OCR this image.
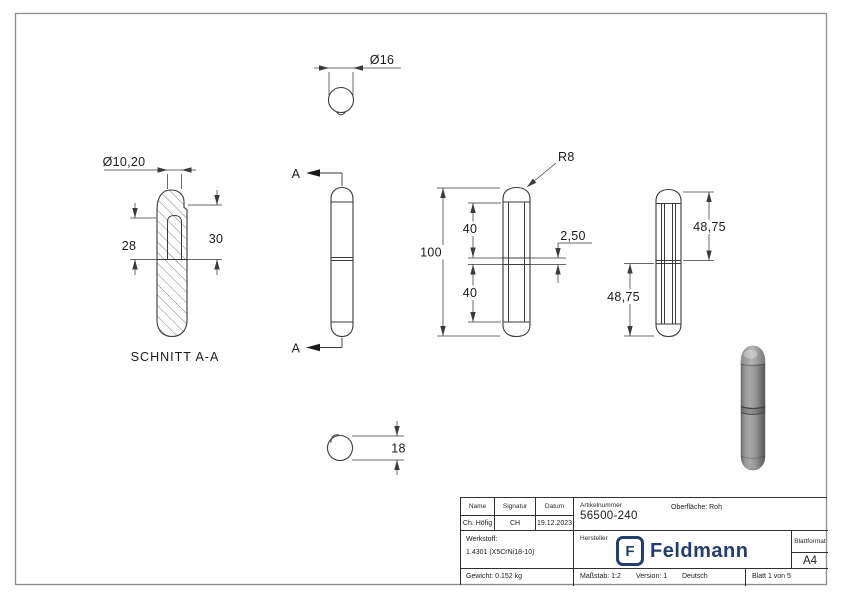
Ø16
Ø10,20
28	30
SCHNITT A-A
A
A
100
40
40
2,50
R8
48,75
48,75
18
Name	Signatur	Datum
Ch. Höfig	CH	19.12.2023
Artikelnummer
56500-240
Oberfläche: Roh
Werkstoff:
1.4301 (X5CrNi18-10)
Hersteller
F Feldmann	Blattformat
A4
Gewicht: 0.152 kg	Maßstab: 1:2 Version: 1 Deutsch	Blatt 1 von 5
